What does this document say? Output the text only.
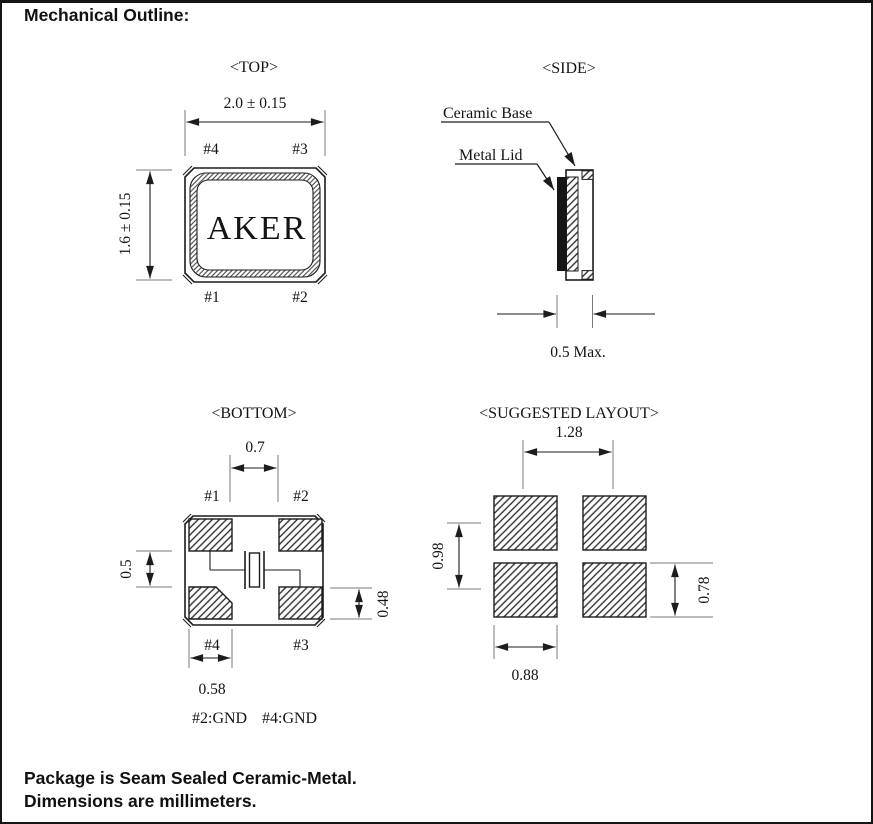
Mechanical Outline:
<TOP>
2.0 ± 0.15
#4	#3
1.6 ± 0.15 AKER
#1	#2
<SIDE>
Ceramic Base
Metal Lid
0.5 Max.
<BOTTOM>
0.7
#1	#2
0.5
0.48
#4	#3
0.58
#2:GND #4:GND
<SUGGESTED LAYOUT>
1.28
0.98
0.78
0.88
Package is Seam Sealed Ceramic-Metal.
Dimensions are millimeters.
